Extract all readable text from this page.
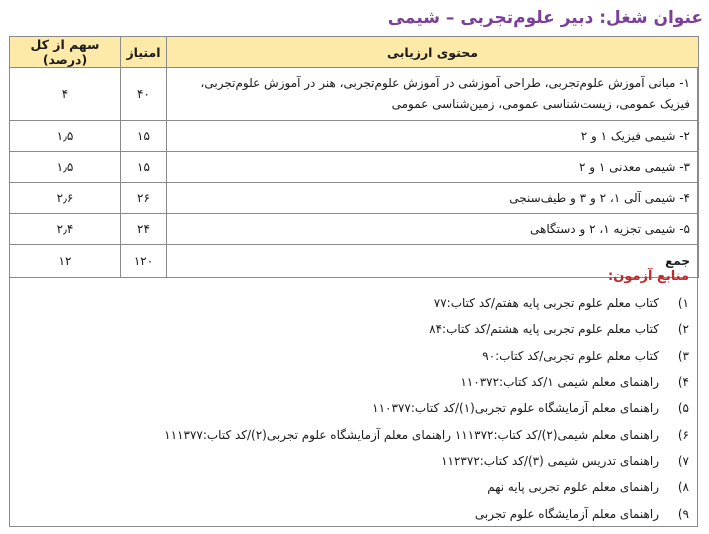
عنوان شغل: دبیر علوم‌تجربی – شیمی
محتوی ارزیابی	امتیاز	سهم از کل (درصد)
۱- مبانی آموزش علوم‌تجربی، طراحی آموزشی در آموزش علوم‌تجربی، هنر در آموزش علوم‌تجربی، فیزیک عمومی، زیست‌شناسی عمومی، زمین‌شناسی عمومی	۴۰	۴
۲- شیمی فیزیک ۱ و ۲	۱۵	۱٫۵
۳- شیمی معدنی ۱ و ۲	۱۵	۱٫۵
۴- شیمی آلی ۱، ۲ و ۳ و طیف‌سنجی	۲۶	۲٫۶
۵- شیمی تجزیه ۱، ۲ و دستگاهی	۲۴	۲٫۴
جمع	۱۲۰	۱۲
منابع آزمون:
۱)
کتاب معلم علوم تجربی پایه هفتم/کد کتاب:۷۷
۲)
کتاب معلم علوم تجربی پایه هشتم/کد کتاب:۸۴
۳)
کتاب معلم علوم تجربی/کد کتاب:۹۰
۴)
راهنمای معلم شیمی ۱/کد کتاب:۱۱۰۳۷۲
۵)
راهنمای معلم آزمایشگاه علوم تجربی(۱)/کد کتاب:۱۱۰۳۷۷
۶)
راهنمای معلم شیمی(۲)/کد کتاب:۱۱۱۳۷۲ راهنمای معلم آزمایشگاه علوم تجربی(۲)/کد کتاب:۱۱۱۳۷۷
۷)
راهنمای تدریس شیمی (۳)/کد کتاب:۱۱۲۳۷۲
۸)
راهنمای معلم علوم تجربی پایه نهم
۹)
راهنمای معلم آزمایشگاه علوم تجربی
